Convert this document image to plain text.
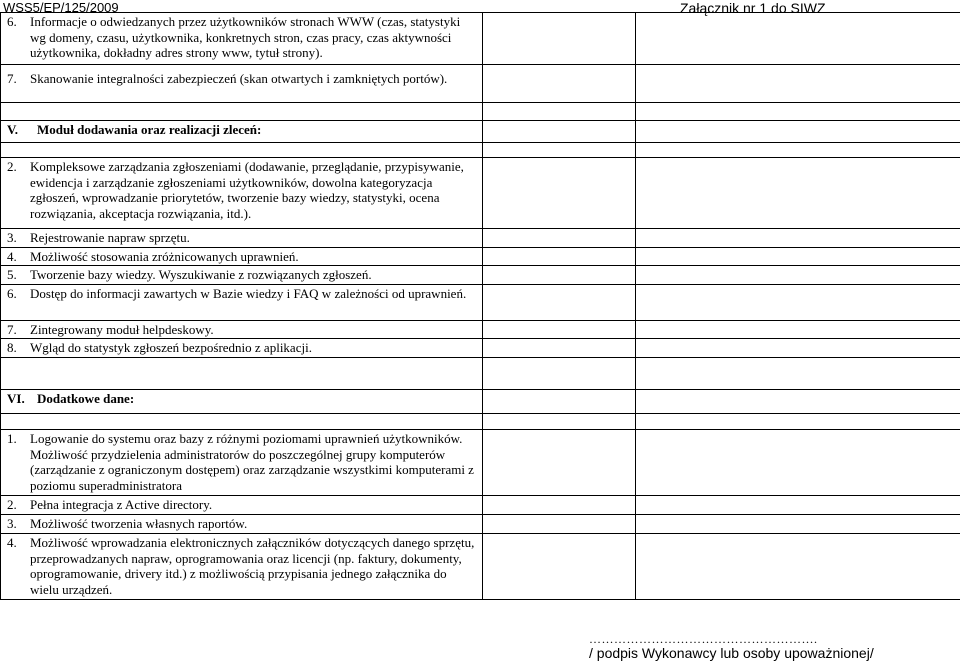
WSS5/EP/125/2009	Załącznik nr 1 do SIWZ
6. Informacje o odwiedzanych przez użytkowników stronach WWW (czas, statystyki wg domeny, czasu, użytkownika, konkretnych stron, czas pracy, czas aktywności użytkownika, dokładny adres strony www, tytuł strony).		

7. Skanowanie integralności zabezpieczeń (skan otwartych i zamkniętych portów).		

V. Moduł dodawania oraz realizacji zleceń:		

2. Kompleksowe zarządzania zgłoszeniami (dodawanie, przeglądanie, przypisywanie, ewidencja i zarządzanie zgłoszeniami użytkowników, dowolna kategoryzacja zgłoszeń, wprowadzanie priorytetów, tworzenie bazy wiedzy, statystyki, ocena rozwiązania, akceptacja rozwiązania, itd.).		

3. Rejestrowanie napraw sprzętu.		

4. Możliwość stosowania zróżnicowanych uprawnień.		

5. Tworzenie bazy wiedzy. Wyszukiwanie z rozwiązanych zgłoszeń.		

6. Dostęp do informacji zawartych w Bazie wiedzy i FAQ w zależności od uprawnień.		

7. Zintegrowany moduł helpdeskowy.		

8. Wgląd do statystyk zgłoszeń bezpośrednio z aplikacji.		

VI. Dodatkowe dane:		

1. Logowanie do systemu oraz bazy z różnymi poziomami uprawnień użytkowników. Możliwość przydzielenia administratorów do poszczególnej grupy komputerów (zarządzanie z ograniczonym dostępem) oraz zarządzanie wszystkimi komputerami z poziomu superadministratora		

2. Pełna integracja z Active directory.		

3. Możliwość tworzenia własnych raportów.		

4. Możliwość wprowadzania elektronicznych załączników dotyczących danego sprzętu, przeprowadzanych napraw, oprogramowania oraz licencji (np. faktury, dokumenty, oprogramowanie, drivery itd.) z możliwością przypisania jednego załącznika do wielu urządzeń.		

……………………………………………….
/ podpis Wykonawcy lub osoby upoważnionej/
